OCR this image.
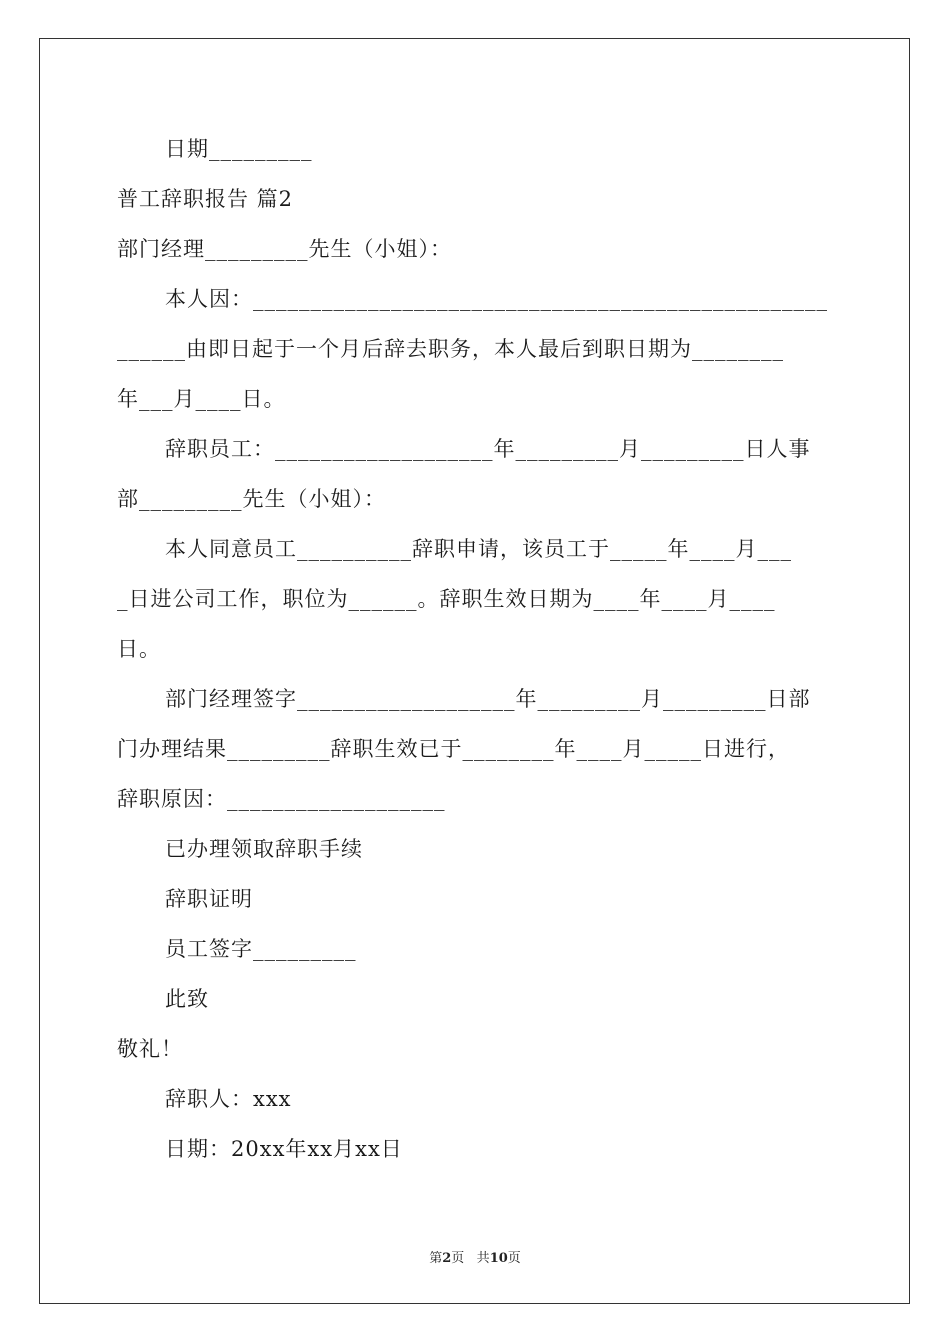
日期_________
普工辞职报告 篇2
部门经理_________先生（小姐）：
本人因：__________________________________________________
______由即日起于一个月后辞去职务，本人最后到职日期为________
年___月____日。
辞职员工：___________________年_________月_________日人事
部_________先生（小姐）：
本人同意员工__________辞职申请，该员工于_____年____月___
_日进公司工作，职位为______。辞职生效日期为____年____月____
日。
部门经理签字___________________年_________月_________日部
门办理结果_________辞职生效已于________年____月_____日进行，
辞职原因：___________________
已办理领取辞职手续
辞职证明
员工签字_________
此致
敬礼！
辞职人：xxx
日期：20xx年xx月xx日
第2页 共10页
